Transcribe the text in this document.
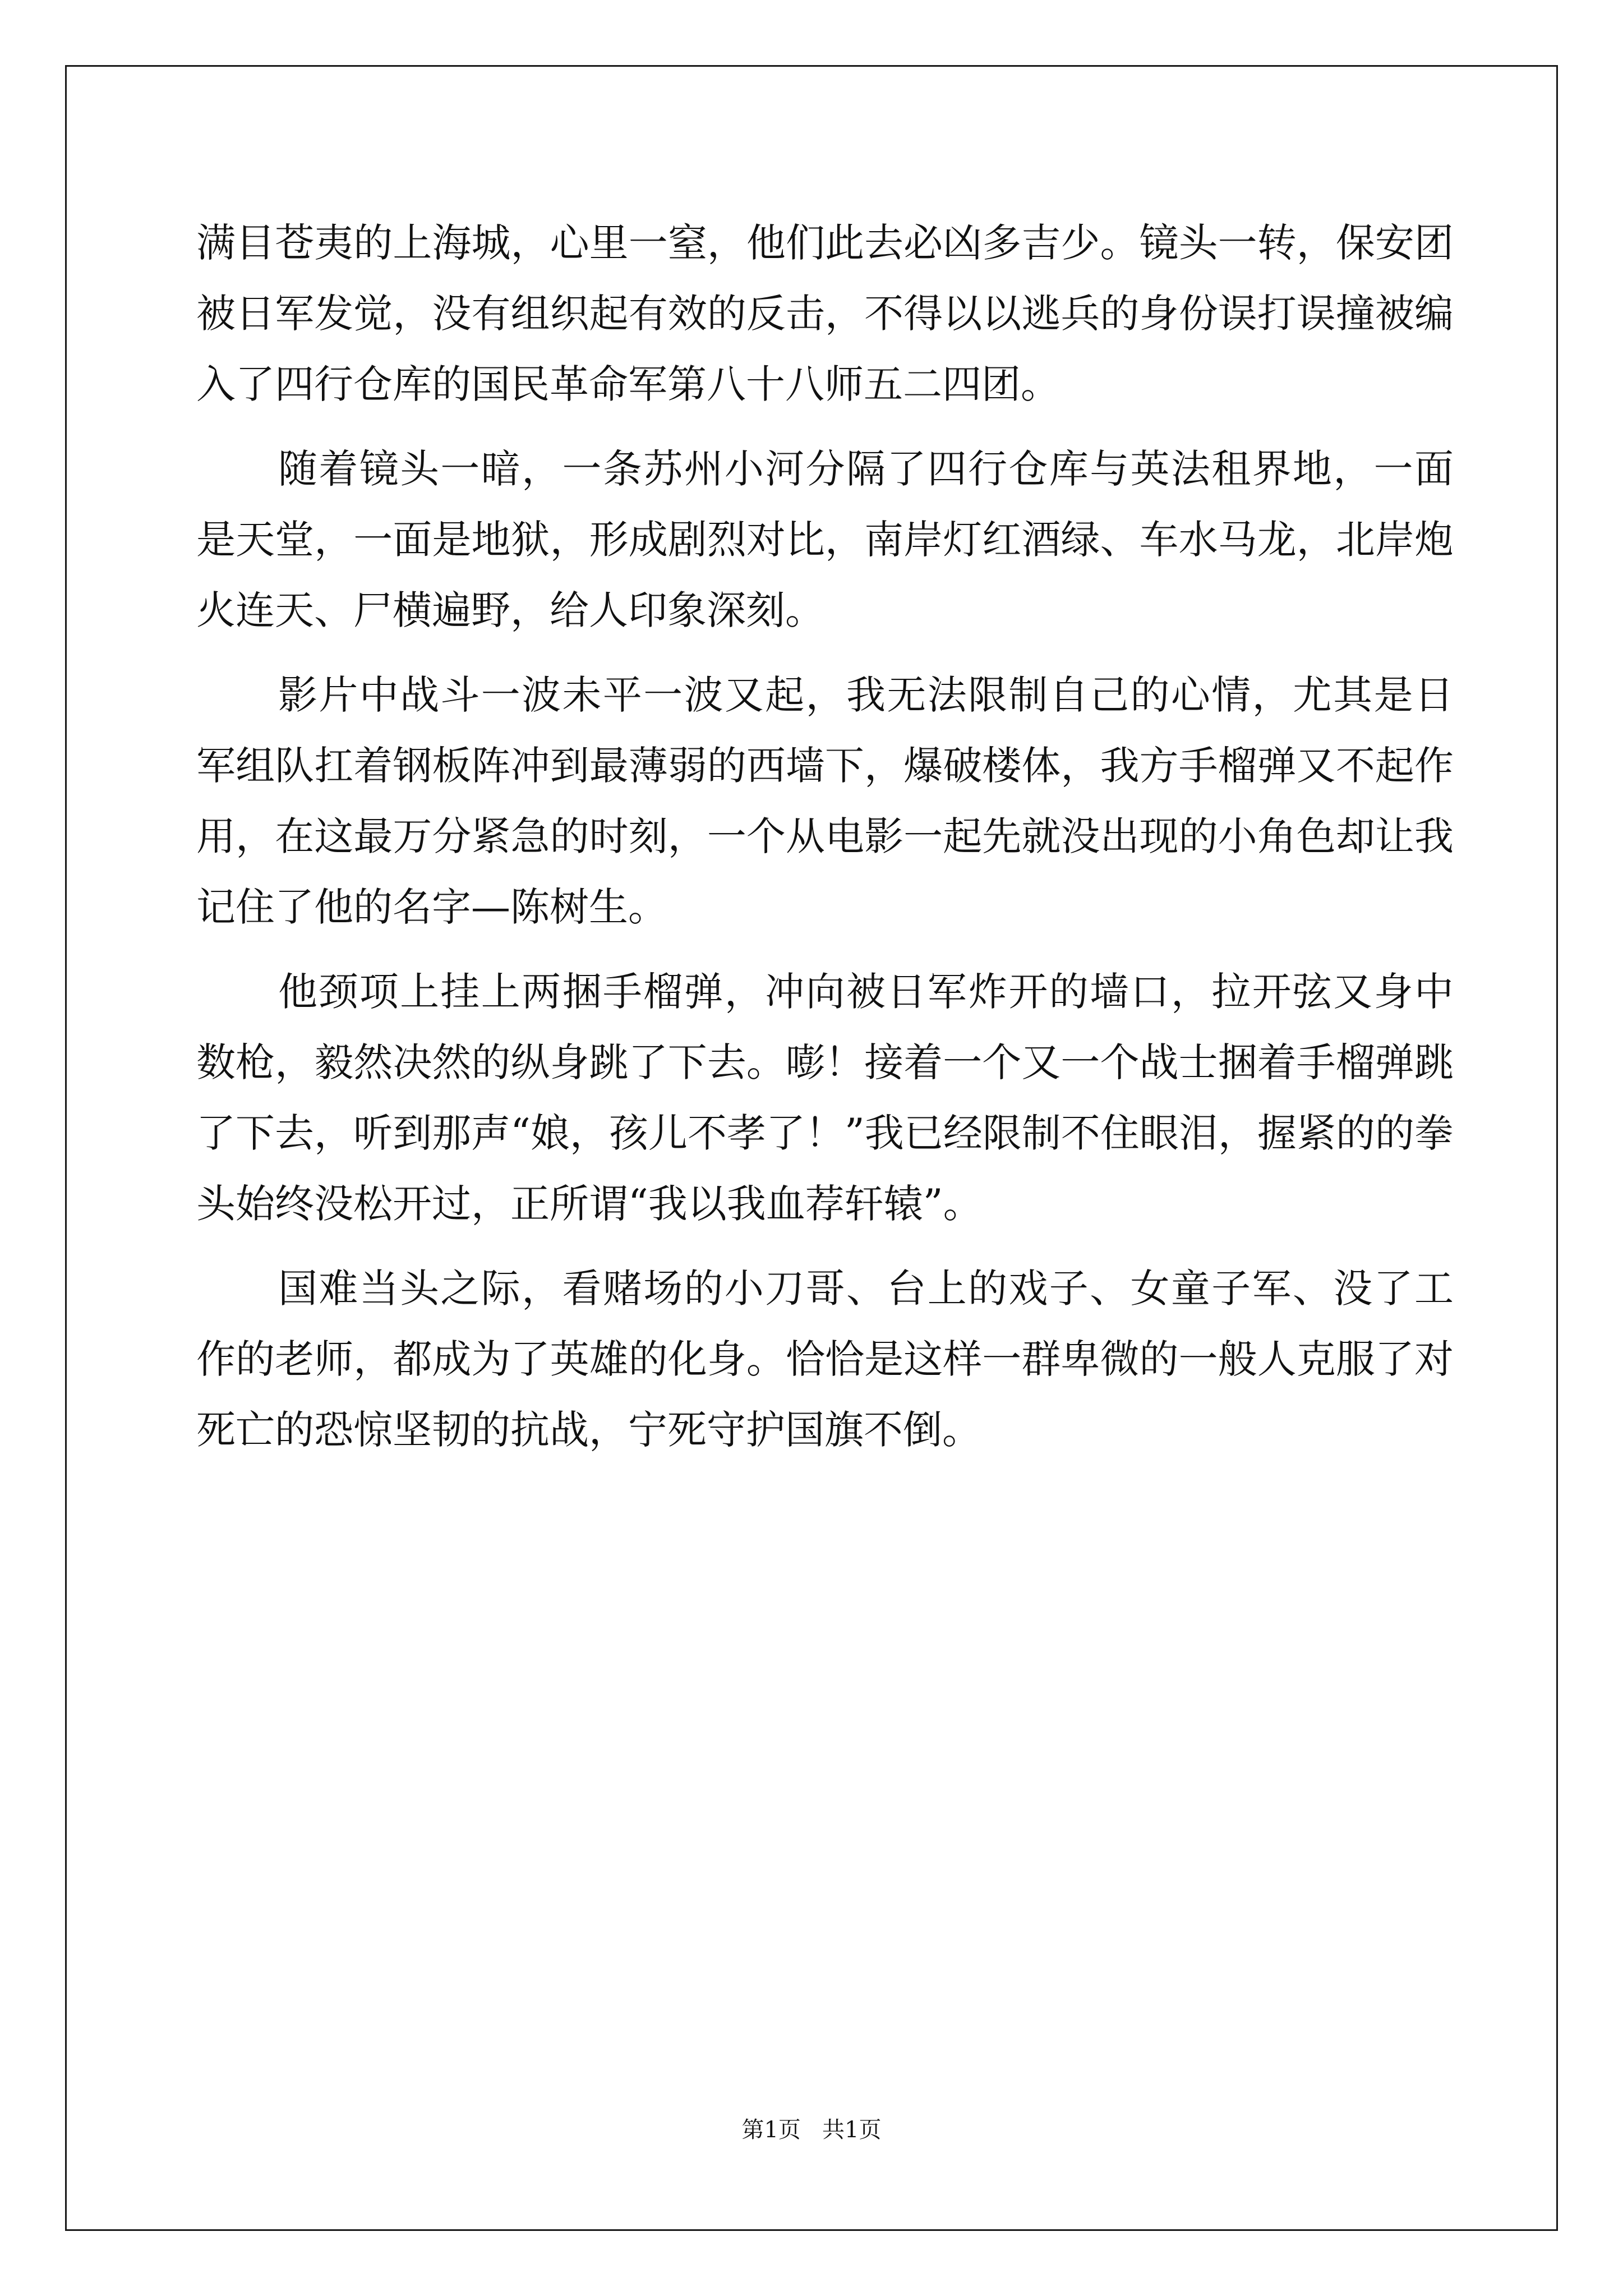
满目苍夷的上海城，心里一窒，他们此去必凶多吉少。镜头一转，保安团被日军发觉，没有组织起有效的反击，不得以以逃兵的身份误打误撞被编入了四行仓库的国民革命军第八十八师五二四团。

随着镜头一暗，一条苏州小河分隔了四行仓库与英法租界地，一面是天堂，一面是地狱，形成剧烈对比，南岸灯红酒绿、车水马龙，北岸炮火连天、尸横遍野，给人印象深刻。

影片中战斗一波未平一波又起，我无法限制自己的心情，尤其是日军组队扛着钢板阵冲到最薄弱的西墙下，爆破楼体，我方手榴弹又不起作用，在这最万分紧急的时刻，一个从电影一起先就没出现的小角色却让我记住了他的名字—陈树生。

他颈项上挂上两捆手榴弹，冲向被日军炸开的墙口，拉开弦又身中数枪，毅然决然的纵身跳了下去。嘭！接着一个又一个战士捆着手榴弹跳了下去，听到那声“娘，孩儿不孝了！”我已经限制不住眼泪，握紧的的拳头始终没松开过，正所谓“我以我血荐轩辕”。

国难当头之际，看赌场的小刀哥、台上的戏子、女童子军、没了工作的老师，都成为了英雄的化身。恰恰是这样一群卑微的一般人克服了对死亡的恐惊坚韧的抗战，宁死守护国旗不倒。

第1页   共1页
